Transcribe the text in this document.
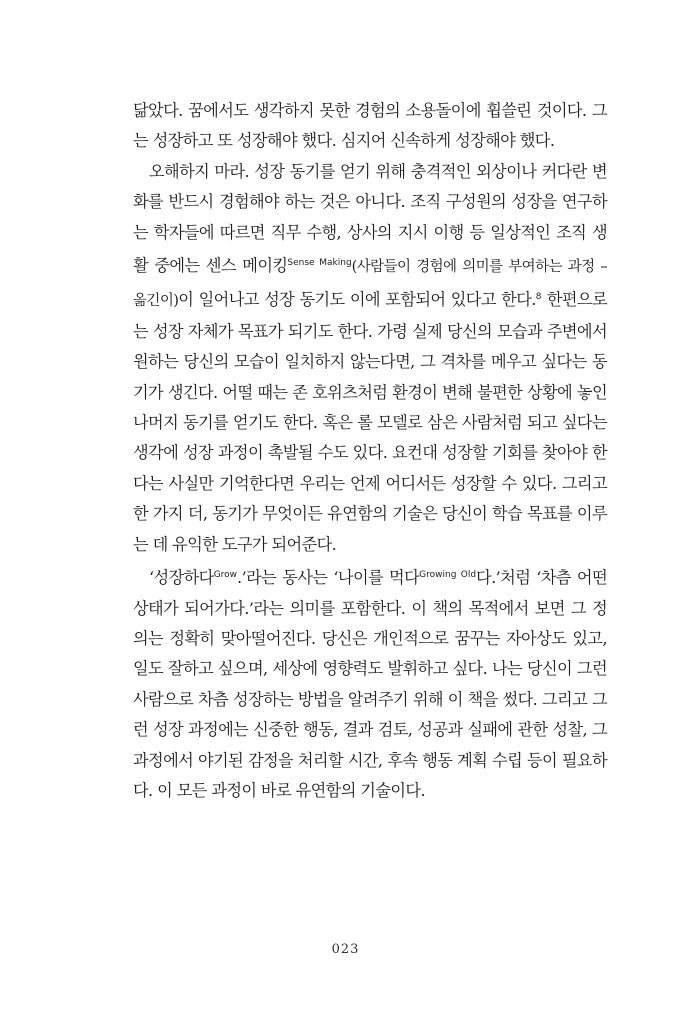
닮았다. 꿈에서도 생각하지 못한 경험의 소용돌이에 휩쓸린 것이다. 그는 성장하고 또 성장해야 했다. 심지어 신속하게 성장해야 했다.

오해하지 마라. 성장 동기를 얻기 위해 충격적인 외상이나 커다란 변화를 반드시 경험해야 하는 것은 아니다. 조직 구성원의 성장을 연구하는 학자들에 따르면 직무 수행, 상사의 지시 이행 등 일상적인 조직 생활 중에는 센스 메이킹$^{Sense Making}$(사람들이 경험에 의미를 부여하는 과정 – 옮긴이)이 일어나고 성장 동기도 이에 포함되어 있다고 한다.$^8$ 한편으로는 성장 자체가 목표가 되기도 한다. 가령 실제 당신의 모습과 주변에서 원하는 당신의 모습이 일치하지 않는다면, 그 격차를 메우고 싶다는 동기가 생긴다. 어떨 때는 존 호위츠처럼 환경이 변해 불편한 상황에 놓인 나머지 동기를 얻기도 한다. 혹은 롤 모델로 삼은 사람처럼 되고 싶다는 생각에 성장 과정이 촉발될 수도 있다. 요컨대 성장할 기회를 찾아야 한다는 사실만 기억한다면 우리는 언제 어디서든 성장할 수 있다. 그리고 한 가지 더, 동기가 무엇이든 유연함의 기술은 당신이 학습 목표를 이루는 데 유익한 도구가 되어준다.

‘성장하다$^{Grow}$.’라는 동사는 ‘나이를 먹다$^{Growing Old}$다.’처럼 ‘차츰 어떤 상태가 되어가다.’라는 의미를 포함한다. 이 책의 목적에서 보면 그 정의는 정확히 맞아떨어진다. 당신은 개인적으로 꿈꾸는 자아상도 있고, 일도 잘하고 싶으며, 세상에 영향력도 발휘하고 싶다. 나는 당신이 그런 사람으로 차츰 성장하는 방법을 알려주기 위해 이 책을 썼다. 그리고 그런 성장 과정에는 신중한 행동, 결과 검토, 성공과 실패에 관한 성찰, 그 과정에서 야기된 감정을 처리할 시간, 후속 행동 계획 수립 등이 필요하다. 이 모든 과정이 바로 유연함의 기술이다.

023
